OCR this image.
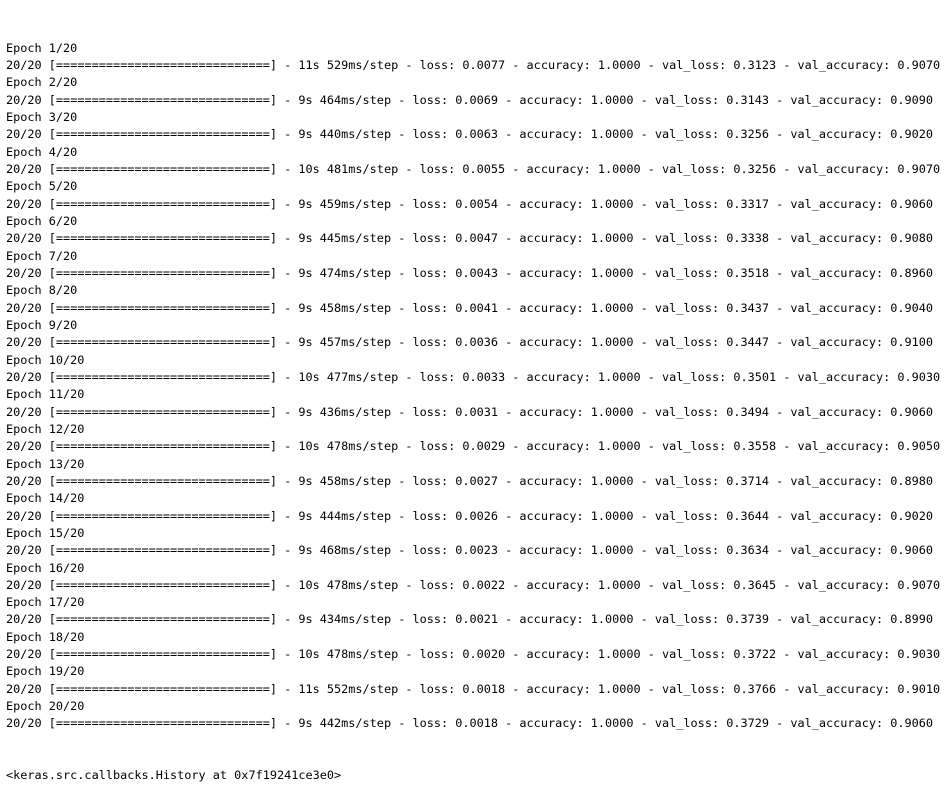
Epoch 1/20
20/20 [==============================] - 11s 529ms/step - loss: 0.0077 - accuracy: 1.0000 - val_loss: 0.3123 - val_accuracy: 0.9070
Epoch 2/20
20/20 [==============================] - 9s 464ms/step - loss: 0.0069 - accuracy: 1.0000 - val_loss: 0.3143 - val_accuracy: 0.9090
Epoch 3/20
20/20 [==============================] - 9s 440ms/step - loss: 0.0063 - accuracy: 1.0000 - val_loss: 0.3256 - val_accuracy: 0.9020
Epoch 4/20
20/20 [==============================] - 10s 481ms/step - loss: 0.0055 - accuracy: 1.0000 - val_loss: 0.3256 - val_accuracy: 0.9070
Epoch 5/20
20/20 [==============================] - 9s 459ms/step - loss: 0.0054 - accuracy: 1.0000 - val_loss: 0.3317 - val_accuracy: 0.9060
Epoch 6/20
20/20 [==============================] - 9s 445ms/step - loss: 0.0047 - accuracy: 1.0000 - val_loss: 0.3338 - val_accuracy: 0.9080
Epoch 7/20
20/20 [==============================] - 9s 474ms/step - loss: 0.0043 - accuracy: 1.0000 - val_loss: 0.3518 - val_accuracy: 0.8960
Epoch 8/20
20/20 [==============================] - 9s 458ms/step - loss: 0.0041 - accuracy: 1.0000 - val_loss: 0.3437 - val_accuracy: 0.9040
Epoch 9/20
20/20 [==============================] - 9s 457ms/step - loss: 0.0036 - accuracy: 1.0000 - val_loss: 0.3447 - val_accuracy: 0.9100
Epoch 10/20
20/20 [==============================] - 10s 477ms/step - loss: 0.0033 - accuracy: 1.0000 - val_loss: 0.3501 - val_accuracy: 0.9030
Epoch 11/20
20/20 [==============================] - 9s 436ms/step - loss: 0.0031 - accuracy: 1.0000 - val_loss: 0.3494 - val_accuracy: 0.9060
Epoch 12/20
20/20 [==============================] - 10s 478ms/step - loss: 0.0029 - accuracy: 1.0000 - val_loss: 0.3558 - val_accuracy: 0.9050
Epoch 13/20
20/20 [==============================] - 9s 458ms/step - loss: 0.0027 - accuracy: 1.0000 - val_loss: 0.3714 - val_accuracy: 0.8980
Epoch 14/20
20/20 [==============================] - 9s 444ms/step - loss: 0.0026 - accuracy: 1.0000 - val_loss: 0.3644 - val_accuracy: 0.9020
Epoch 15/20
20/20 [==============================] - 9s 468ms/step - loss: 0.0023 - accuracy: 1.0000 - val_loss: 0.3634 - val_accuracy: 0.9060
Epoch 16/20
20/20 [==============================] - 10s 478ms/step - loss: 0.0022 - accuracy: 1.0000 - val_loss: 0.3645 - val_accuracy: 0.9070
Epoch 17/20
20/20 [==============================] - 9s 434ms/step - loss: 0.0021 - accuracy: 1.0000 - val_loss: 0.3739 - val_accuracy: 0.8990
Epoch 18/20
20/20 [==============================] - 10s 478ms/step - loss: 0.0020 - accuracy: 1.0000 - val_loss: 0.3722 - val_accuracy: 0.9030
Epoch 19/20
20/20 [==============================] - 11s 552ms/step - loss: 0.0018 - accuracy: 1.0000 - val_loss: 0.3766 - val_accuracy: 0.9010
Epoch 20/20
20/20 [==============================] - 9s 442ms/step - loss: 0.0018 - accuracy: 1.0000 - val_loss: 0.3729 - val_accuracy: 0.9060

<keras.src.callbacks.History at 0x7f19241ce3e0>
